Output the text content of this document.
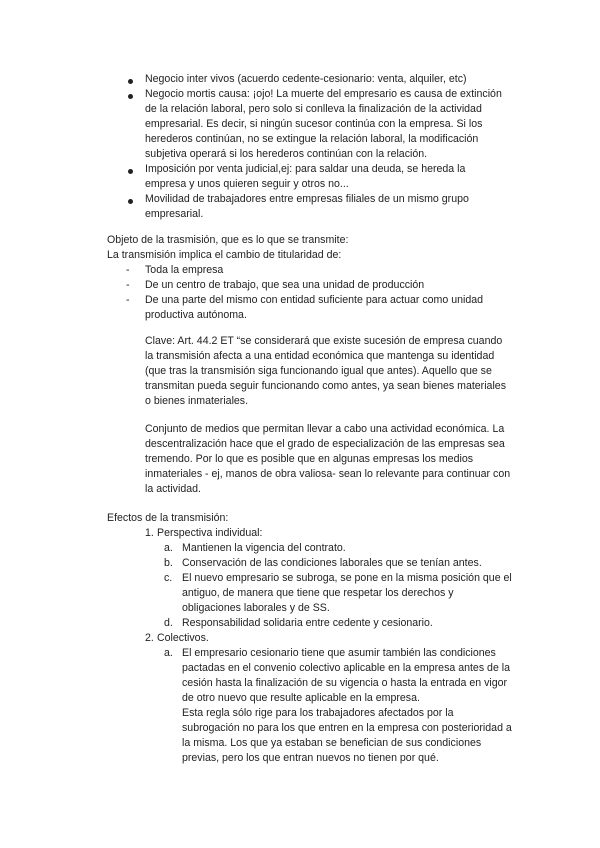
Negocio inter vivos (acuerdo cedente-cesionario: venta, alquiler, etc)
Negocio mortis causa: ¡ojo! La muerte del empresario es causa de extinción
de la relación laboral, pero solo si conlleva la finalización de la actividad
empresarial. Es decir, si ningún sucesor continúa con la empresa. Si los
herederos continúan, no se extingue la relación laboral, la modificación
subjetiva operará si los herederos continúan con la relación.
Imposición por venta judicial,ej: para saldar una deuda, se hereda la
empresa y unos quieren seguir y otros no...
Movilidad de trabajadores entre empresas filiales de un mismo grupo
empresarial.
Objeto de la trasmisión, que es lo que se transmite:
La transmisión implica el cambio de titularidad de:
- Toda la empresa
- De un centro de trabajo, que sea una unidad de producción
- De una parte del mismo con entidad suficiente para actuar como unidad
productiva autónoma.
Clave: Art. 44.2 ET “se considerará que existe sucesión de empresa cuando
la transmisión afecta a una entidad económica que mantenga su identidad
(que tras la transmisión siga funcionando igual que antes). Aquello que se
transmitan pueda seguir funcionando como antes, ya sean bienes materiales
o bienes inmateriales.
Conjunto de medios que permitan llevar a cabo una actividad económica. La
descentralización hace que el grado de especialización de las empresas sea
tremendo. Por lo que es posible que en algunas empresas los medios
inmateriales - ej, manos de obra valiosa- sean lo relevante para continuar con
la actividad.
Efectos de la transmisión:
1. Perspectiva individual:
a. Mantienen la vigencia del contrato.
b. Conservación de las condiciones laborales que se tenían antes.
c. El nuevo empresario se subroga, se pone en la misma posición que el
antiguo, de manera que tiene que respetar los derechos y
obligaciones laborales y de SS.
d. Responsabilidad solidaria entre cedente y cesionario.
2. Colectivos.
a. El empresario cesionario tiene que asumir también las condiciones
pactadas en el convenio colectivo aplicable en la empresa antes de la
cesión hasta la finalización de su vigencia o hasta la entrada en vigor
de otro nuevo que resulte aplicable en la empresa.
Esta regla sólo rige para los trabajadores afectados por la
subrogación no para los que entren en la empresa con posterioridad a
la misma. Los que ya estaban se benefician de sus condiciones
previas, pero los que entran nuevos no tienen por qué.
